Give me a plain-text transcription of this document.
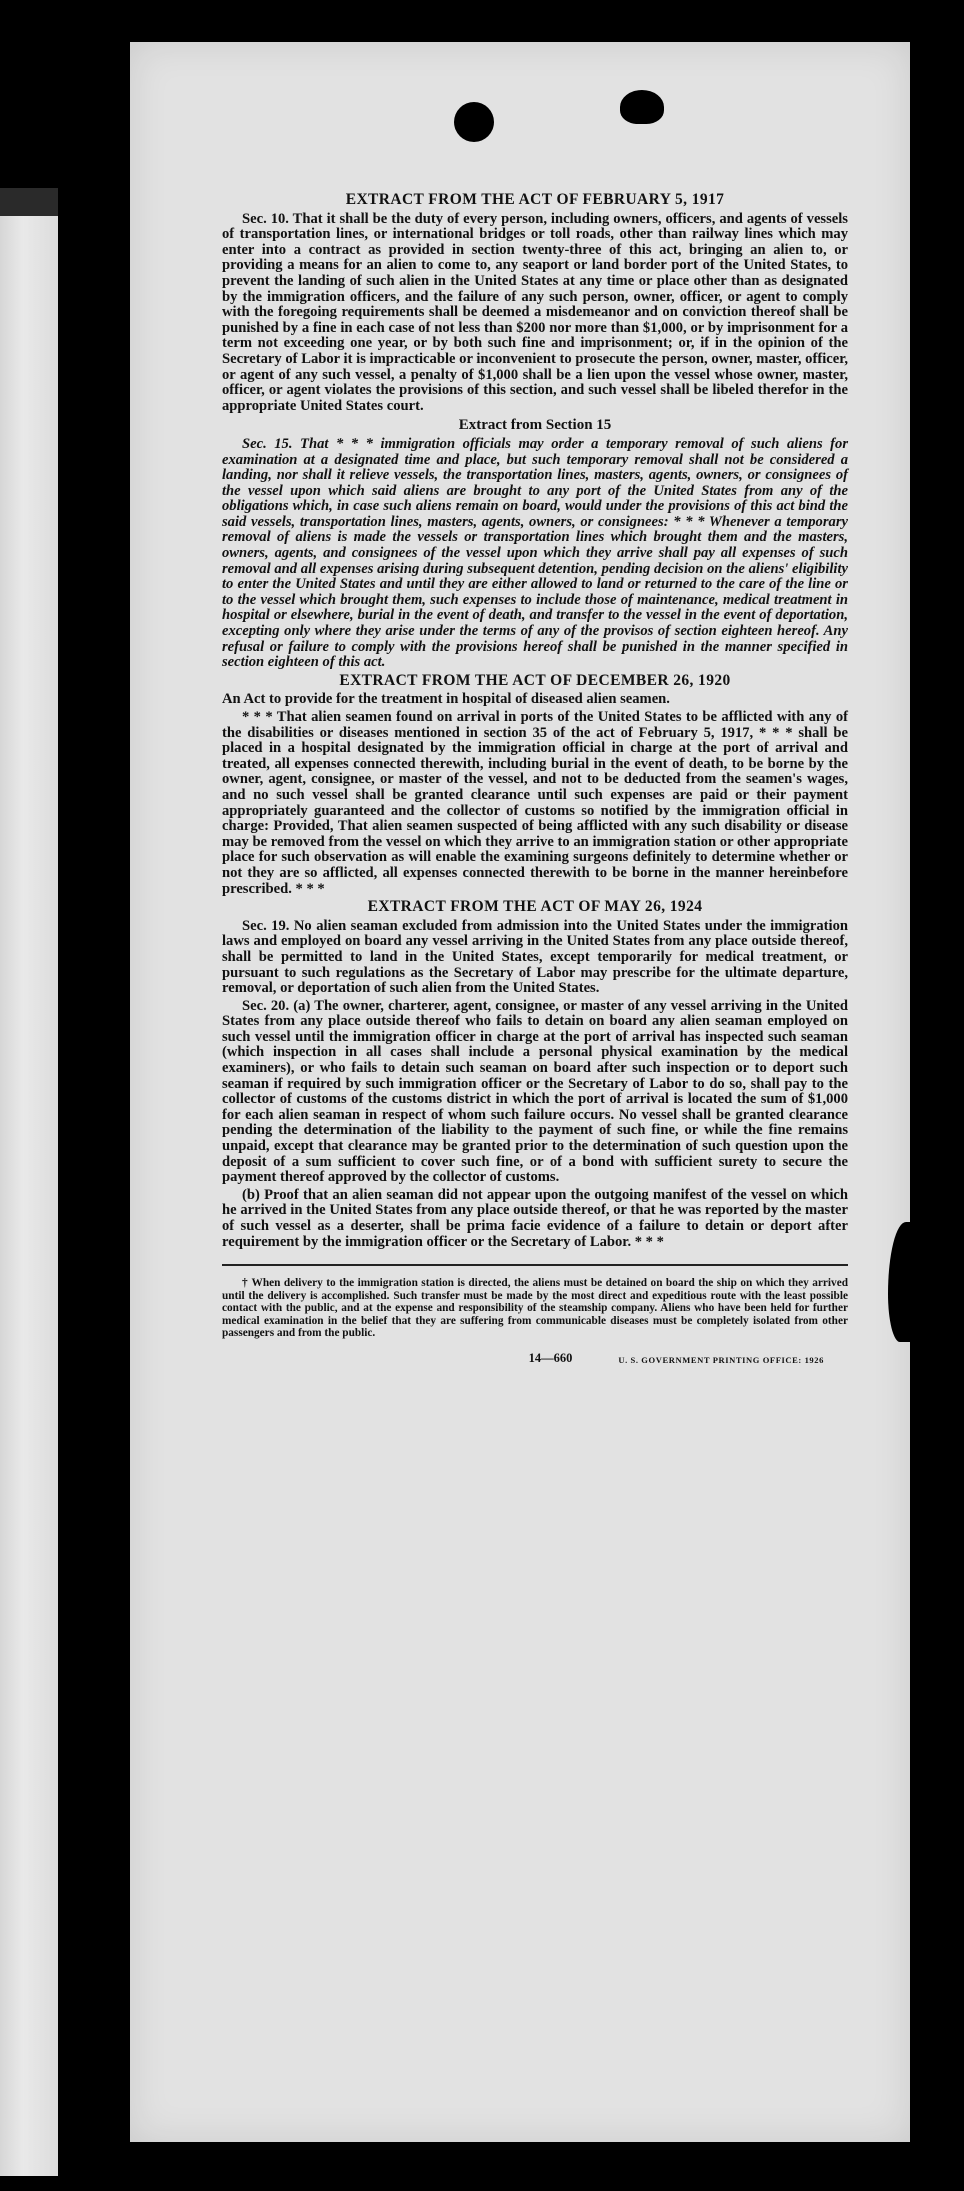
EXTRACT FROM THE ACT OF FEBRUARY 5, 1917

Sec. 10. That it shall be the duty of every person, including owners, officers, and agents of vessels of transportation lines, or international bridges or toll roads, other than railway lines which may enter into a contract as provided in section twenty-three of this act, bringing an alien to, or providing a means for an alien to come to, any seaport or land border port of the United States, to prevent the landing of such alien in the United States at any time or place other than as designated by the immigration officers, and the failure of any such person, owner, officer, or agent to comply with the foregoing requirements shall be deemed a misdemeanor and on conviction thereof shall be punished by a fine in each case of not less than $200 nor more than $1,000, or by imprisonment for a term not exceeding one year, or by both such fine and imprisonment; or, if in the opinion of the Secretary of Labor it is impracticable or inconvenient to prosecute the person, owner, master, officer, or agent of any such vessel, a penalty of $1,000 shall be a lien upon the vessel whose owner, master, officer, or agent violates the provisions of this section, and such vessel shall be libeled therefor in the appropriate United States court.

Extract from Section 15

Sec. 15. That * * * immigration officials may order a temporary removal of such aliens for examination at a designated time and place, but such temporary removal shall not be considered a landing, nor shall it relieve vessels, the transportation lines, masters, agents, owners, or consignees of the vessel upon which said aliens are brought to any port of the United States from any of the obligations which, in case such aliens remain on board, would under the provisions of this act bind the said vessels, transportation lines, masters, agents, owners, or consignees: * * * Whenever a temporary removal of aliens is made the vessels or transportation lines which brought them and the masters, owners, agents, and consignees of the vessel upon which they arrive shall pay all expenses of such removal and all expenses arising during subsequent detention, pending decision on the aliens' eligibility to enter the United States and until they are either allowed to land or returned to the care of the line or to the vessel which brought them, such expenses to include those of maintenance, medical treatment in hospital or elsewhere, burial in the event of death, and transfer to the vessel in the event of deportation, excepting only where they arise under the terms of any of the provisos of section eighteen hereof. Any refusal or failure to comply with the provisions hereof shall be punished in the manner specified in section eighteen of this act.

EXTRACT FROM THE ACT OF DECEMBER 26, 1920

An Act to provide for the treatment in hospital of diseased alien seamen.

* * * That alien seamen found on arrival in ports of the United States to be afflicted with any of the disabilities or diseases mentioned in section 35 of the act of February 5, 1917, * * * shall be placed in a hospital designated by the immigration official in charge at the port of arrival and treated, all expenses connected therewith, including burial in the event of death, to be borne by the owner, agent, consignee, or master of the vessel, and not to be deducted from the seamen's wages, and no such vessel shall be granted clearance until such expenses are paid or their payment appropriately guaranteed and the collector of customs so notified by the immigration official in charge: Provided, That alien seamen suspected of being afflicted with any such disability or disease may be removed from the vessel on which they arrive to an immigration station or other appropriate place for such observation as will enable the examining surgeons definitely to determine whether or not they are so afflicted, all expenses connected therewith to be borne in the manner hereinbefore prescribed. * * *

EXTRACT FROM THE ACT OF MAY 26, 1924

Sec. 19. No alien seaman excluded from admission into the United States under the immigration laws and employed on board any vessel arriving in the United States from any place outside thereof, shall be permitted to land in the United States, except temporarily for medical treatment, or pursuant to such regulations as the Secretary of Labor may prescribe for the ultimate departure, removal, or deportation of such alien from the United States.

Sec. 20. (a) The owner, charterer, agent, consignee, or master of any vessel arriving in the United States from any place outside thereof who fails to detain on board any alien seaman employed on such vessel until the immigration officer in charge at the port of arrival has inspected such seaman (which inspection in all cases shall include a personal physical examination by the medical examiners), or who fails to detain such seaman on board after such inspection or to deport such seaman if required by such immigration officer or the Secretary of Labor to do so, shall pay to the collector of customs of the customs district in which the port of arrival is located the sum of $1,000 for each alien seaman in respect of whom such failure occurs. No vessel shall be granted clearance pending the determination of the liability to the payment of such fine, or while the fine remains unpaid, except that clearance may be granted prior to the determination of such question upon the deposit of a sum sufficient to cover such fine, or of a bond with sufficient surety to secure the payment thereof approved by the collector of customs.

(b) Proof that an alien seaman did not appear upon the outgoing manifest of the vessel on which he arrived in the United States from any place outside thereof, or that he was reported by the master of such vessel as a deserter, shall be prima facie evidence of a failure to detain or deport after requirement by the immigration officer or the Secretary of Labor. * * *

† When delivery to the immigration station is directed, the aliens must be detained on board the ship on which they arrived until the delivery is accomplished. Such transfer must be made by the most direct and expeditious route with the least possible contact with the public, and at the expense and responsibility of the steamship company. Aliens who have been held for further medical examination in the belief that they are suffering from communicable diseases must be completely isolated from other passengers and from the public.

14—660	U. S. GOVERNMENT PRINTING OFFICE: 1926
